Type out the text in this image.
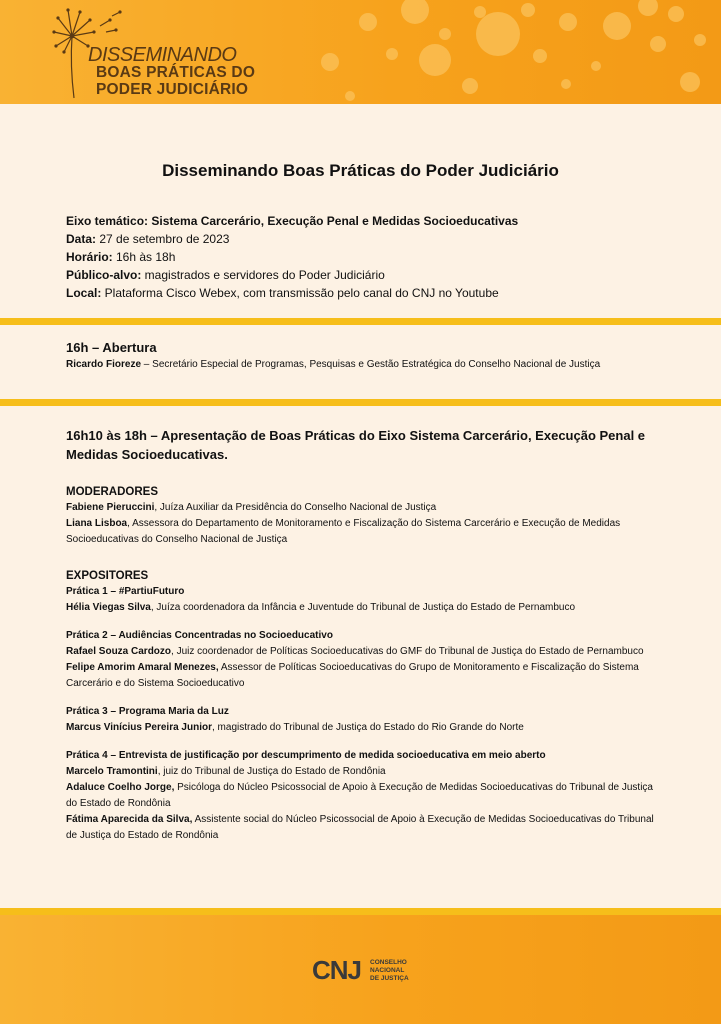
DISSEMINANDO
BOAS PRÁTICAS DO
PODER JUDICIÁRIO
Disseminando Boas Práticas do Poder Judiciário
Eixo temático: Sistema Carcerário, Execução Penal e Medidas Socioeducativas
Data: 27 de setembro de 2023
Horário: 16h às 18h
Público-alvo: magistrados e servidores do Poder Judiciário
Local: Plataforma Cisco Webex, com transmissão pelo canal do CNJ no Youtube
16h – Abertura
Ricardo Fioreze – Secretário Especial de Programas, Pesquisas e Gestão Estratégica do Conselho Nacional de Justiça
16h10 às 18h – Apresentação de Boas Práticas do Eixo Sistema Carcerário, Execução Penal e Medidas Socioeducativas.
MODERADORES
Fabiene Pieruccini, Juíza Auxiliar da Presidência do Conselho Nacional de Justiça
Liana Lisboa, Assessora do Departamento de Monitoramento e Fiscalização do Sistema Carcerário e Execução de Medidas Socioeducativas do Conselho Nacional de Justiça
EXPOSITORES
Prática 1 – #PartiuFuturo
Hélia Viegas Silva, Juíza coordenadora da Infância e Juventude do Tribunal de Justiça do Estado de Pernambuco
Prática 2 – Audiências Concentradas no Socioeducativo
Rafael Souza Cardozo, Juiz coordenador de Políticas Socioeducativas do GMF do Tribunal de Justiça do Estado de Pernambuco
Felipe Amorim Amaral Menezes, Assessor de Políticas Socioeducativas do Grupo de Monitoramento e Fiscalização do Sistema Carcerário e do Sistema Socioeducativo
Prática 3 – Programa Maria da Luz
Marcus Vinícius Pereira Junior, magistrado do Tribunal de Justiça do Estado do Rio Grande do Norte
Prática 4 – Entrevista de justificação por descumprimento de medida socioeducativa em meio aberto
Marcelo Tramontini, juiz do Tribunal de Justiça do Estado de Rondônia
Adaluce Coelho Jorge, Psicóloga do Núcleo Psicossocial de Apoio à Execução de Medidas Socioeducativas do Tribunal de Justiça do Estado de Rondônia
Fátima Aparecida da Silva, Assistente social do Núcleo Psicossocial de Apoio à Execução de Medidas Socioeducativas do Tribunal de Justiça do Estado de Rondônia
CNJ CONSELHO
NACIONAL
DE JUSTIÇA
